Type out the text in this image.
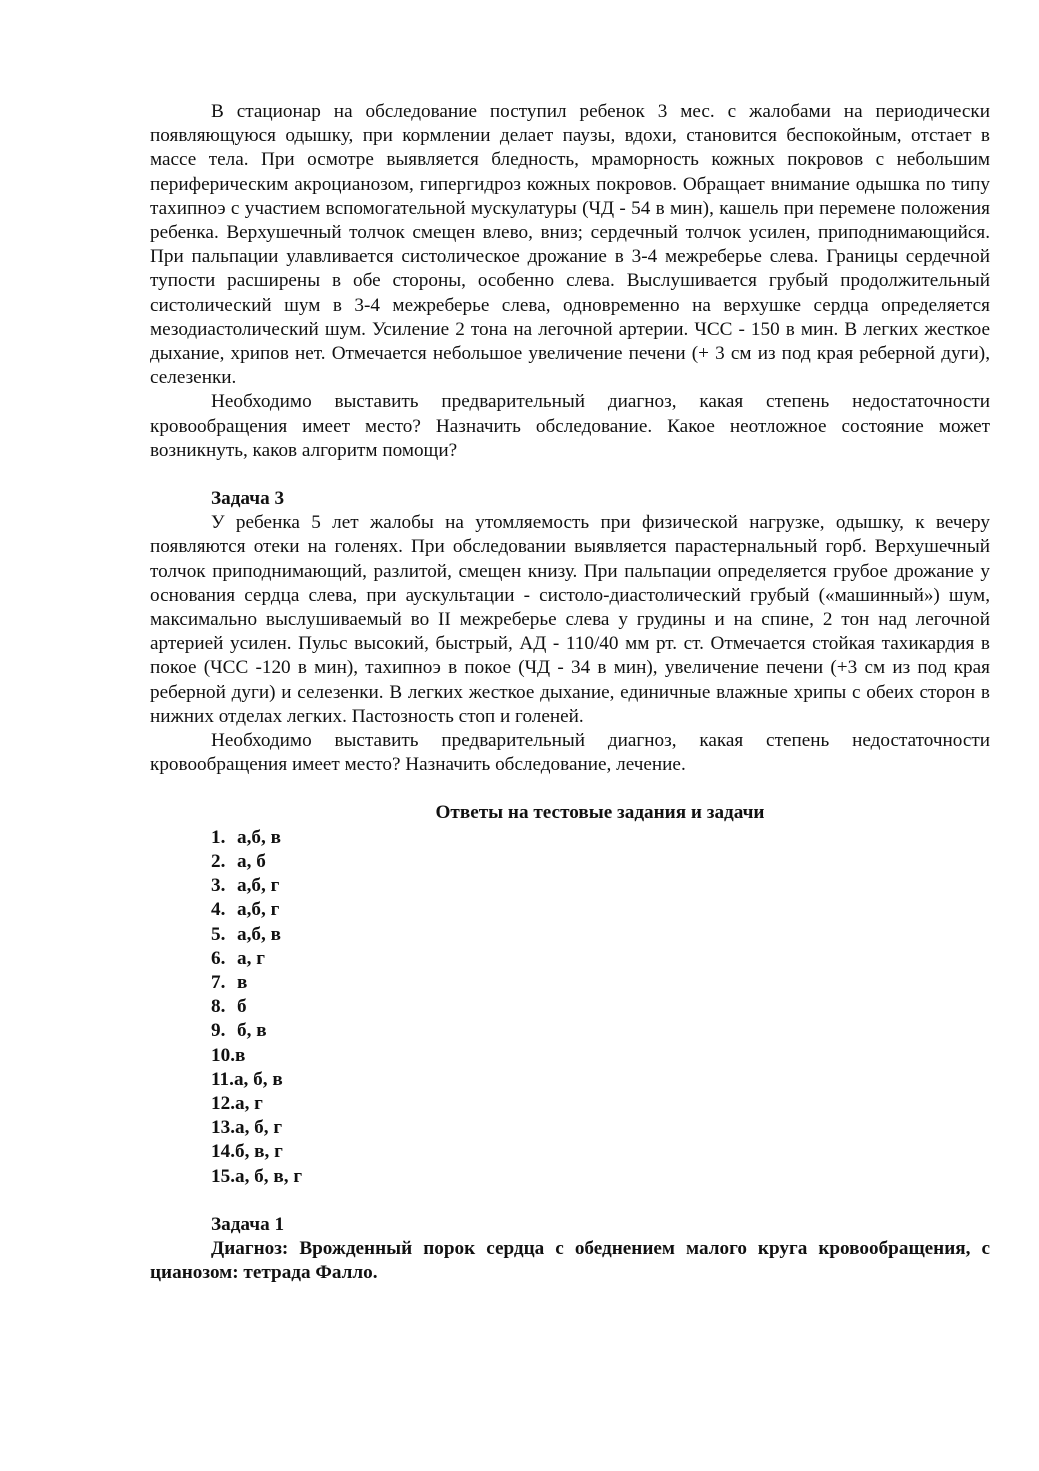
В стационар на обследование поступил ребенок 3 мес. с жалобами на периодически появляющуюся одышку, при кормлении делает паузы, вдохи, становится беспокойным, отстает в массе тела. При осмотре выявляется бледность, мраморность кожных покровов с небольшим периферическим акроцианозом, гипергидроз кожных покровов. Обращает внимание одышка по типу тахипноэ с участием вспомогательной мускулатуры (ЧД - 54 в мин), кашель при перемене положения ребенка. Верхушечный толчок смещен влево, вниз; сердечный толчок усилен, приподнимающийся. При пальпации улавливается систолическое дрожание в 3-4 межреберье слева. Границы сердечной тупости расширены в обе стороны, особенно слева. Выслушивается грубый продолжительный систолический шум в 3-4 межреберье слева, одновременно на верхушке сердца определяется мезодиастолический шум. Усиление 2 тона на легочной артерии. ЧСС - 150 в мин. В легких жесткое дыхание, хрипов нет. Отмечается небольшое увеличение печени (+ 3 см из под края реберной дуги), селезенки.

Необходимо выставить предварительный диагноз, какая степень недостаточности кровообращения имеет место? Назначить обследование. Какое неотложное состояние может возникнуть, каков алгоритм помощи?

Задача 3

У ребенка 5 лет жалобы на утомляемость при физической нагрузке, одышку, к вечеру появляются отеки на голенях. При обследовании выявляется парастернальный горб. Верхушечный толчок приподнимающий, разлитой, смещен книзу. При пальпации определяется грубое дрожание у основания сердца слева, при аускультации - систоло-диастолический грубый («машинный») шум, максимально выслушиваемый во II межреберье слева у грудины и на спине, 2 тон над легочной артерией усилен. Пульс высокий, быстрый, АД - 110/40 мм рт. ст. Отмечается стойкая тахикардия в покое (ЧСС -120 в мин), тахипноэ в покое (ЧД - 34 в мин), увеличение печени (+3 см из под края реберной дуги) и селезенки. В легких жесткое дыхание, единичные влажные хрипы с обеих сторон в нижних отделах легких. Пастозность стоп и голеней.

Необходимо выставить предварительный диагноз, какая степень недостаточности кровообращения имеет место? Назначить обследование, лечение.

Ответы на тестовые задания и задачи
1. а,б, в
2. а, б
3. а,б, г
4. а,б, г
5. а,б, в
6. а, г
7. в
8. б
9. б, в
10.в
11.а, б, в
12.а, г
13.а, б, г
14.б, в, г
15.а, б, в, г
Задача 1

Диагноз: Врожденный порок сердца с обеднением малого круга кровообращения, с цианозом: тетрада Фалло.
